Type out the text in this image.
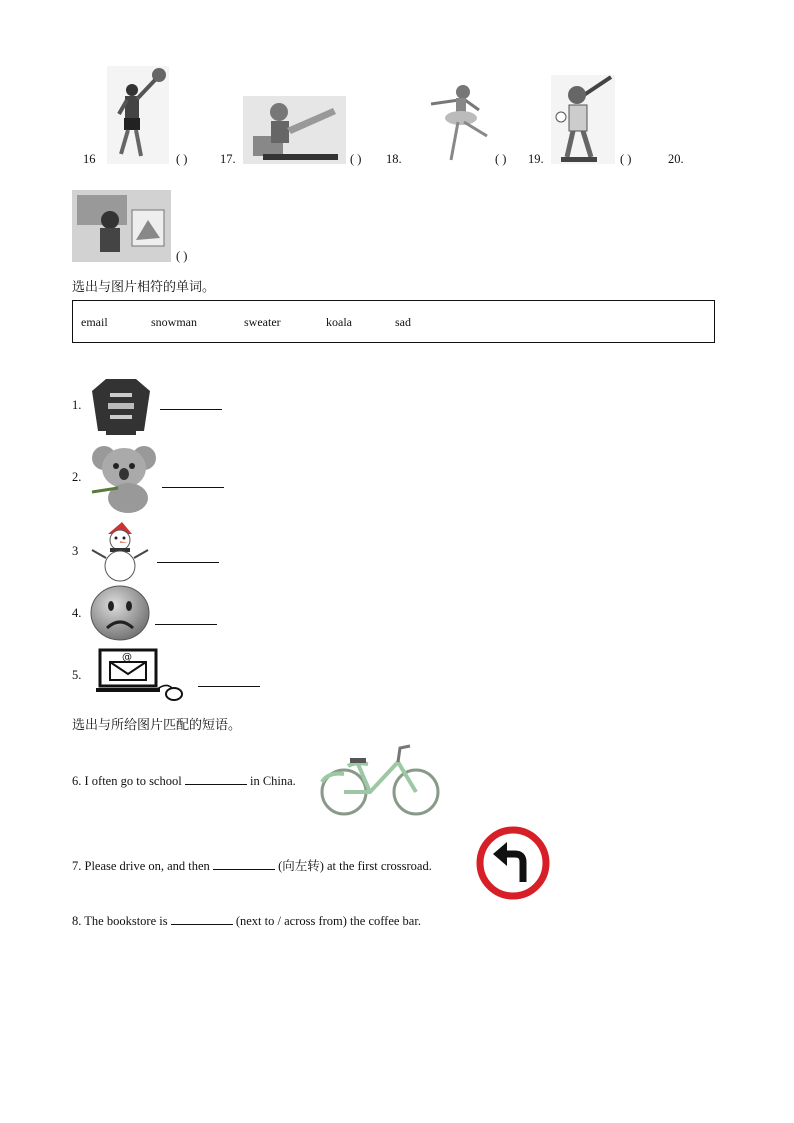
16	( )	17.	( ) 18.	( ) 19.	( )	20.
( )
选出与图片相符的单词。
email	snowman	sweater	koala	sad
1.
2.
3
4.
5.
@
选出与所给图片匹配的短语。
6. I often go to school	in China.
7. Please drive on, and then	(向左转) at the first crossroad.
8. The bookstore is	(next to / across from) the coffee bar.
